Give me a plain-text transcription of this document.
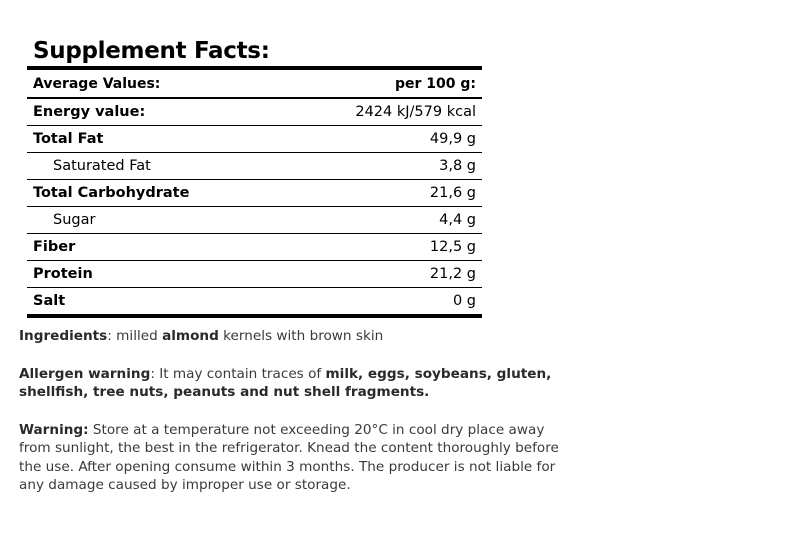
Supplement Facts:
Average Values:	per 100 g:
Energy value:	2424 kJ/579 kcal
Total Fat	49,9 g
Saturated Fat	3,8 g
Total Carbohydrate	21,6 g
Sugar	4,4 g
Fiber	12,5 g
Protein	21,2 g
Salt	0 g

Ingredients: milled almond kernels with brown skin

Allergen warning: It may contain traces of milk, eggs, soybeans, gluten, shellfish, tree nuts, peanuts and nut shell fragments.

Warning: Store at a temperature not exceeding 20°C in cool dry place away from sunlight, the best in the refrigerator. Knead the content thoroughly before the use. After opening consume within 3 months. The producer is not liable for any damage caused by improper use or storage.
